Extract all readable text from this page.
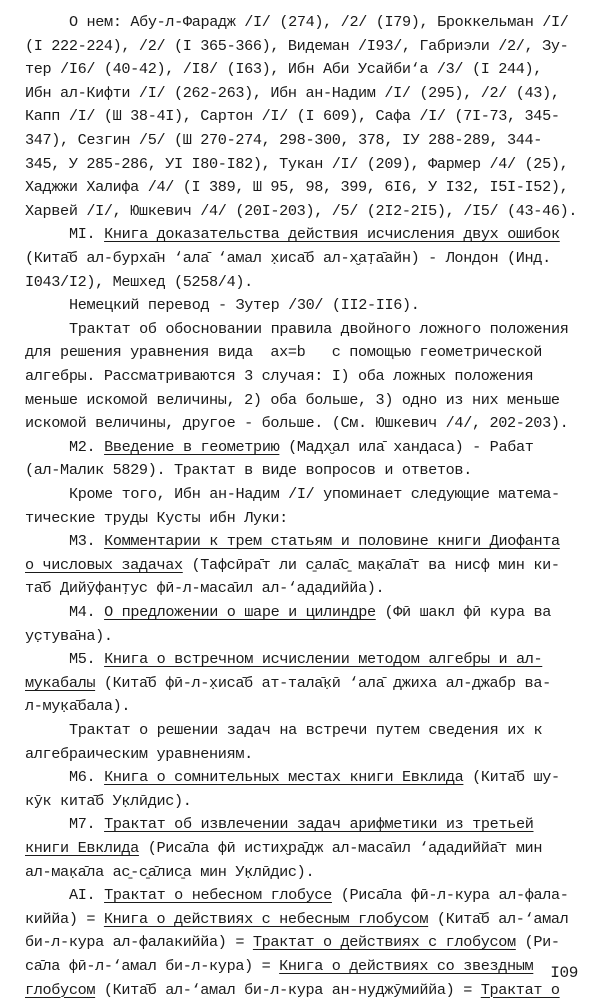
О нем: Абу-л-Фарадж /I/ (274), /2/ (I79), Броккельман /I/
(I 222-224), /2/ (I 365-366), Видеман /I93/, Габриэли /2/, Зу-
тер /I6/ (40-42), /I8/ (I63), Ибн Аби Усайби‘а /3/ (I 244),
Ибн ал-Кифти /I/ (262-263), Ибн ан-Надим /I/ (295), /2/ (43),
Капп /I/ (Ш 38-4I), Сартон /I/ (I 609), Сафа /I/ (7I-73, 345-
347), Сезгин /5/ (Ш 270-274, 298-300, 378, IУ 288-289, 344-
345, У 285-286, УI I80-I82), Тукан /I/ (209), Фармер /4/ (25),
Хаджжи Халифа /4/ (I 389, Ш 95, 98, 399, 6I6, У I32, I5I-I52),
Харвей /I/, Юшкевич /4/ (20I-203), /5/ (2I2-2I5), /I5/ (43-46).
МI. Книга доказательства действия исчисления двух ошибок
(Кита̄б ал-бурха̄н ‘ала̄ ‘амал х̣иса̄б ал-х̮ат̣а̄айн) - Лондон (Инд.
I043/I2), Мешхед (5258/4).
Немецкий перевод - Зутер /30/ (II2-II6).
Трактат об обосновании правила двойного ложного положения
для решения уравнения вида  ax=b   с помощью геометрической
алгебры. Рассматриваются 3 случая: I) оба ложных положения
меньше искомой величины, 2) оба больше, 3) одно из них меньше
искомой величины, другое - больше. (См. Юшкевич /4/, 202-203).
М2. Введение в геометрию (Мадх̮ал ила̄ хандаса) - Рабат
(ал-Малик 5829). Трактат в виде вопросов и ответов.
Кроме того, Ибн ан-Надим /I/ упоминает следующие матема-
тические труды Кусты ибн Луки:
М3. Комментарии к трем статьям и половине книги Диофанта
о числовых задачах (Тафсӣра̄т ли с̱ала̄с̱ мак̣а̄ла̄т ва нисф мин ки-
та̄б Дийӯфант̣ус фӣ-л-маса̄ил ал-‘ададиййа).
М4. О предложении о шаре и цилиндре (Фӣ шакл фӣ кура ва
ус̣тува̄на).
М5. Книга о встречном исчислении методом алгебры и ал-
мукабалы (Кита̄б фӣ-л-х̣иса̄б ат-тала̄к̣ӣ ‘ала̄ джиха ал-джабр ва-
л-мук̣а̄бала).
Трактат о решении задач на встречи путем сведения их к
алгебраическим уравнениям.
М6. Книга о сомнительных местах книги Евклида (Кита̄б шу-
кӯк кита̄б Ук̣лӣдис).
М7. Трактат об извлечении задач арифметики из третьей
книги Евклида (Риса̄ла фӣ истих̮ра̄дж ал-маса̄ил ‘ададиййа̄т мин
ал-мак̣а̄ла ас̱-с̱а̄лис̱а мин Ук̣лӣдис).
АI. Трактат о небесном глобусе (Риса̄ла фӣ-л-кура ал-фала-
киййа) = Книга о действиях с небесным глобусом (Кита̄б ал-‘амал
би-л-кура ал-фалакиййа) = Трактат о действиях с глобусом (Ри-
са̄ла фӣ-л-‘амал би-л-кура) = Книга о действиях со звездным
глобусом (Кита̄б ал-‘амал би-л-кура ан-нуджӯмиййа) = Трактат о
I09
